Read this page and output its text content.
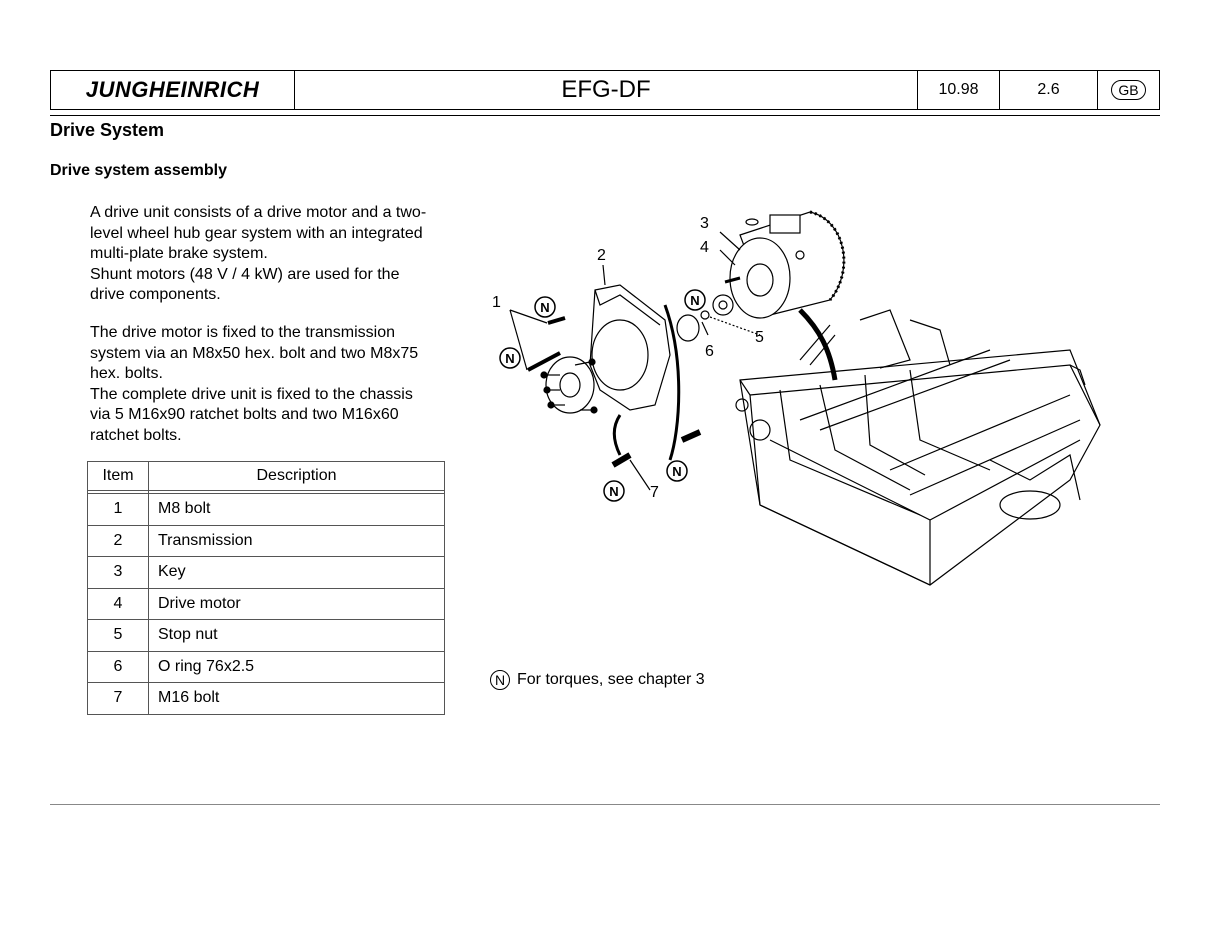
JUNGHEINRICH	EFG-DF	10.98	2.6	GB
Drive System
Drive system assembly

A drive unit consists of a drive motor and a two-
level wheel hub gear system with an integrated
multi-plate brake system.
Shunt motors (48 V / 4 kW) are used for the
drive components.

The drive motor is fixed to the transmission
system via an M8x50 hex. bolt and two M8x75
hex. bolts.
The complete drive unit is fixed to the chassis
via 5 M16x90 ratchet bolts and two M16x60
ratchet bolts.

Item	Description

1	M8 bolt
2	Transmission
3	Key
4	Drive motor
5	Stop nut
6	O ring 76x2.5
7	M16 bolt
1
2
3
4
5
6
7
N
N
N
N
N
N For torques, see chapter 3
